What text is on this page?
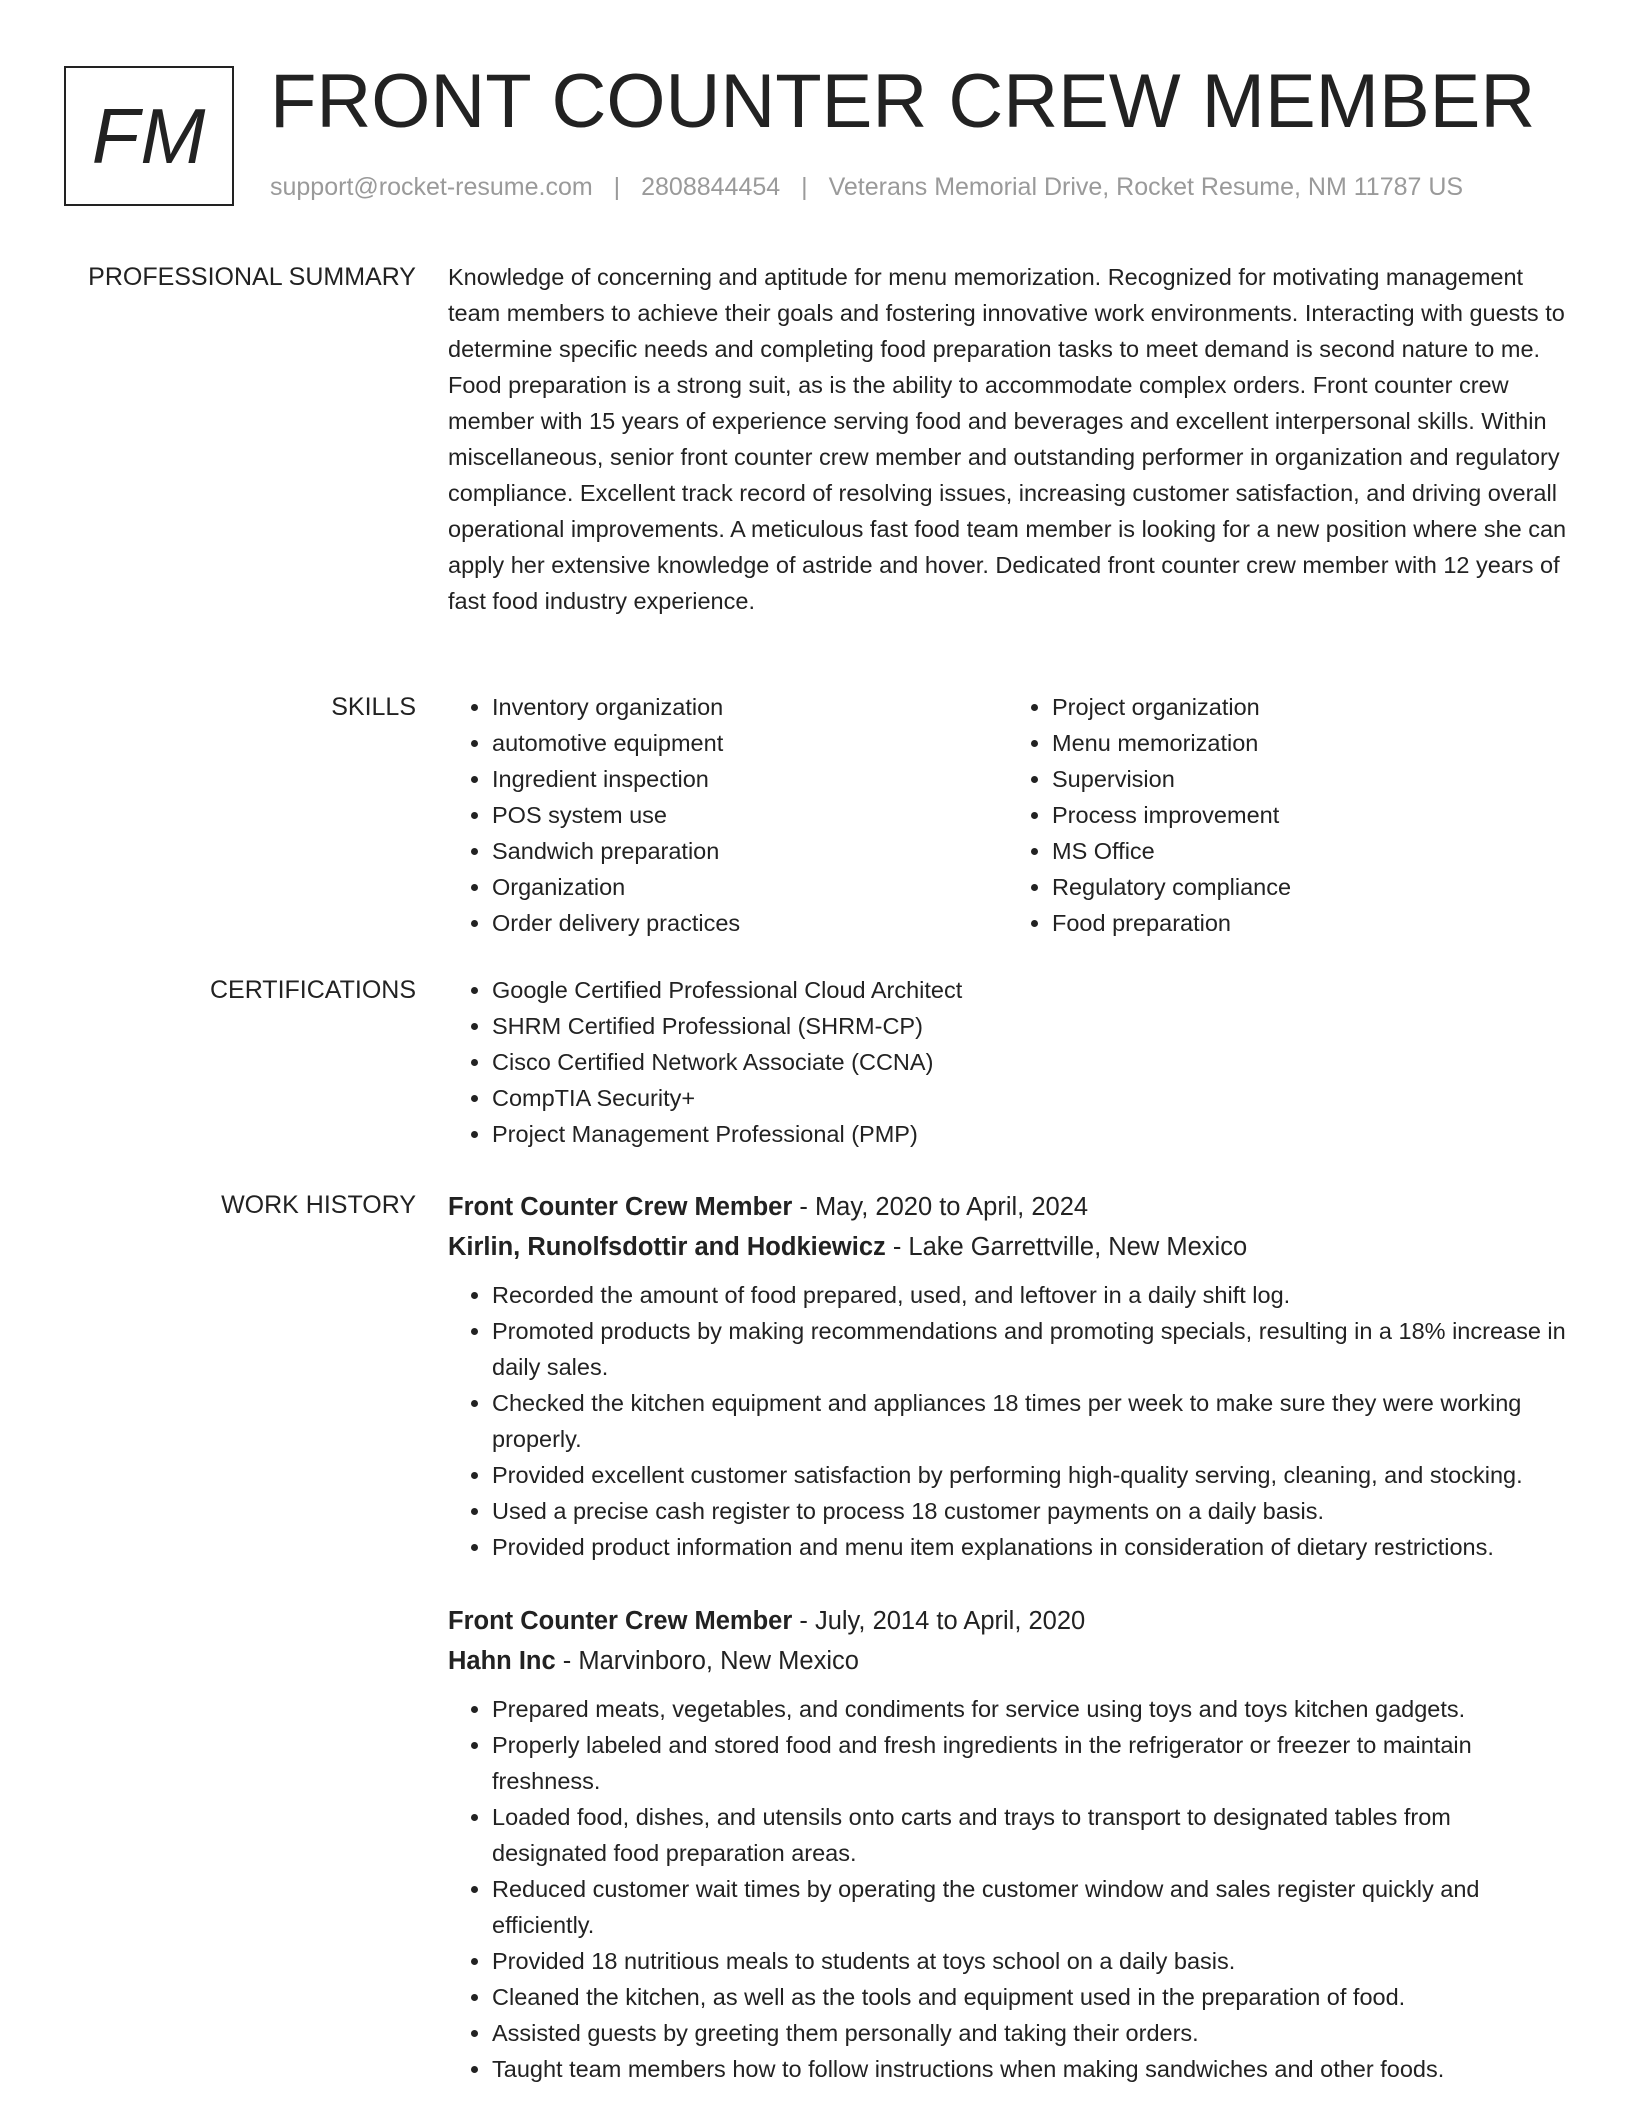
FM FRONT COUNTER CREW MEMBER
support@rocket-resume.com | 2808844454 | Veterans Memorial Drive, Rocket Resume, NM 11787 US
PROFESSIONAL SUMMARY Knowledge of concerning and aptitude for menu memorization. Recognized for motivating management team members to achieve their goals and fostering innovative work environments. Interacting with guests to determine specific needs and completing food preparation tasks to meet demand is second nature to me. Food preparation is a strong suit, as is the ability to accommodate complex orders. Front counter crew member with 15 years of experience serving food and beverages and excellent interpersonal skills. Within miscellaneous, senior front counter crew member and outstanding performer in organization and regulatory compliance. Excellent track record of resolving issues, increasing customer satisfaction, and driving overall operational improvements. A meticulous fast food team member is looking for a new position where she can apply her extensive knowledge of astride and hover. Dedicated front counter crew member with 12 years of fast food industry experience.

SKILLS	• Inventory organization
• automotive equipment
• Ingredient inspection
• POS system use
• Sandwich preparation
• Organization
• Order delivery practices
• Project organization
• Menu memorization
• Supervision
• Process improvement
• MS Office
• Regulatory compliance
• Food preparation
CERTIFICATIONS	• Google Certified Professional Cloud Architect
• SHRM Certified Professional (SHRM-CP)
• Cisco Certified Network Associate (CCNA)
• CompTIA Security+
• Project Management Professional (PMP)
WORK HISTORY Front Counter Crew Member - May, 2020 to April, 2024
Kirlin, Runolfsdottir and Hodkiewicz - Lake Garrettville, New Mexico
• Recorded the amount of food prepared, used, and leftover in a daily shift log.
• Promoted products by making recommendations and promoting specials, resulting in a 18% increase in daily sales.
• Checked the kitchen equipment and appliances 18 times per week to make sure they were working properly.
• Provided excellent customer satisfaction by performing high-quality serving, cleaning, and stocking.
• Used a precise cash register to process 18 customer payments on a daily basis.
• Provided product information and menu item explanations in consideration of dietary restrictions.
Front Counter Crew Member - July, 2014 to April, 2020
Hahn Inc - Marvinboro, New Mexico
• Prepared meats, vegetables, and condiments for service using toys and toys kitchen gadgets.
• Properly labeled and stored food and fresh ingredients in the refrigerator or freezer to maintain freshness.
• Loaded food, dishes, and utensils onto carts and trays to transport to designated tables from designated food preparation areas.
• Reduced customer wait times by operating the customer window and sales register quickly and efficiently.
• Provided 18 nutritious meals to students at toys school on a daily basis.
• Cleaned the kitchen, as well as the tools and equipment used in the preparation of food.
• Assisted guests by greeting them personally and taking their orders.
• Taught team members how to follow instructions when making sandwiches and other foods.
